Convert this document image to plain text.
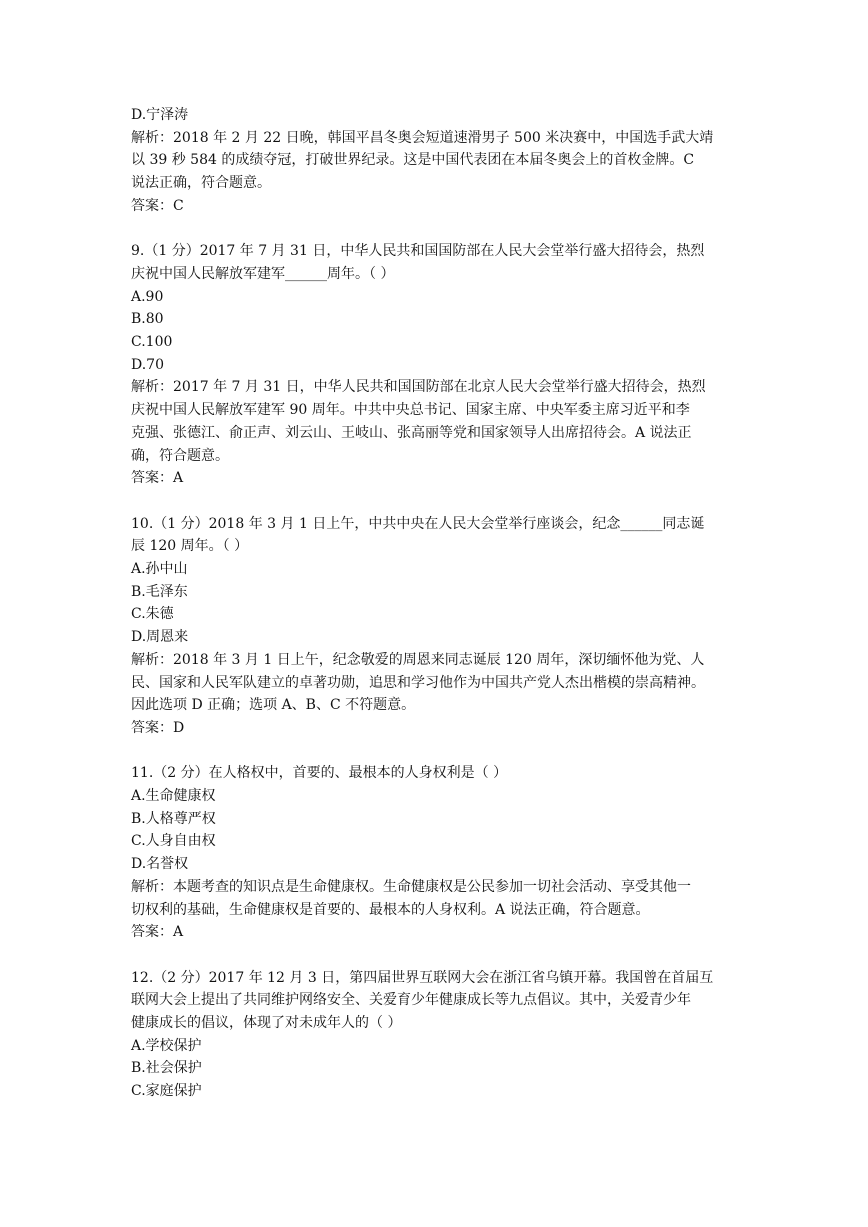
D.宁泽涛
解析：2018 年 2 月 22 日晚，韩国平昌冬奥会短道速滑男子 500 米决赛中，中国选手武大靖
以 39 秒 584 的成绩夺冠，打破世界纪录。这是中国代表团在本届冬奥会上的首枚金牌。C
说法正确，符合题意。
答案：C
9.（1 分）2017 年 7 月 31 日，中华人民共和国国防部在人民大会堂举行盛大招待会，热烈
庆祝中国人民解放军建军______周年。（ ）
A.90
B.80
C.100
D.70
解析：2017 年 7 月 31 日，中华人民共和国国防部在北京人民大会堂举行盛大招待会，热烈
庆祝中国人民解放军建军 90 周年。中共中央总书记、国家主席、中央军委主席习近平和李
克强、张德江、俞正声、刘云山、王岐山、张高丽等党和国家领导人出席招待会。A 说法正
确，符合题意。
答案：A
10.（1 分）2018 年 3 月 1 日上午，中共中央在人民大会堂举行座谈会，纪念______同志诞
辰 120 周年。（ ）
A.孙中山
B.毛泽东
C.朱德
D.周恩来
解析：2018 年 3 月 1 日上午，纪念敬爱的周恩来同志诞辰 120 周年，深切缅怀他为党、人
民、国家和人民军队建立的卓著功勋，追思和学习他作为中国共产党人杰出楷模的崇高精神。
因此选项 D 正确；选项 A、B、C 不符题意。
答案：D
11.（2 分）在人格权中，首要的、最根本的人身权利是（ ）
A.生命健康权
B.人格尊严权
C.人身自由权
D.名誉权
解析：本题考查的知识点是生命健康权。生命健康权是公民参加一切社会活动、享受其他一
切权利的基础，生命健康权是首要的、最根本的人身权利。A 说法正确，符合题意。
答案：A
12.（2 分）2017 年 12 月 3 日，第四届世界互联网大会在浙江省乌镇开幕。我国曾在首届互
联网大会上提出了共同维护网络安全、关爱育少年健康成长等九点倡议。其中，关爱青少年
健康成长的倡议，体现了对未成年人的（ ）
A.学校保护
B.社会保护
C.家庭保护
